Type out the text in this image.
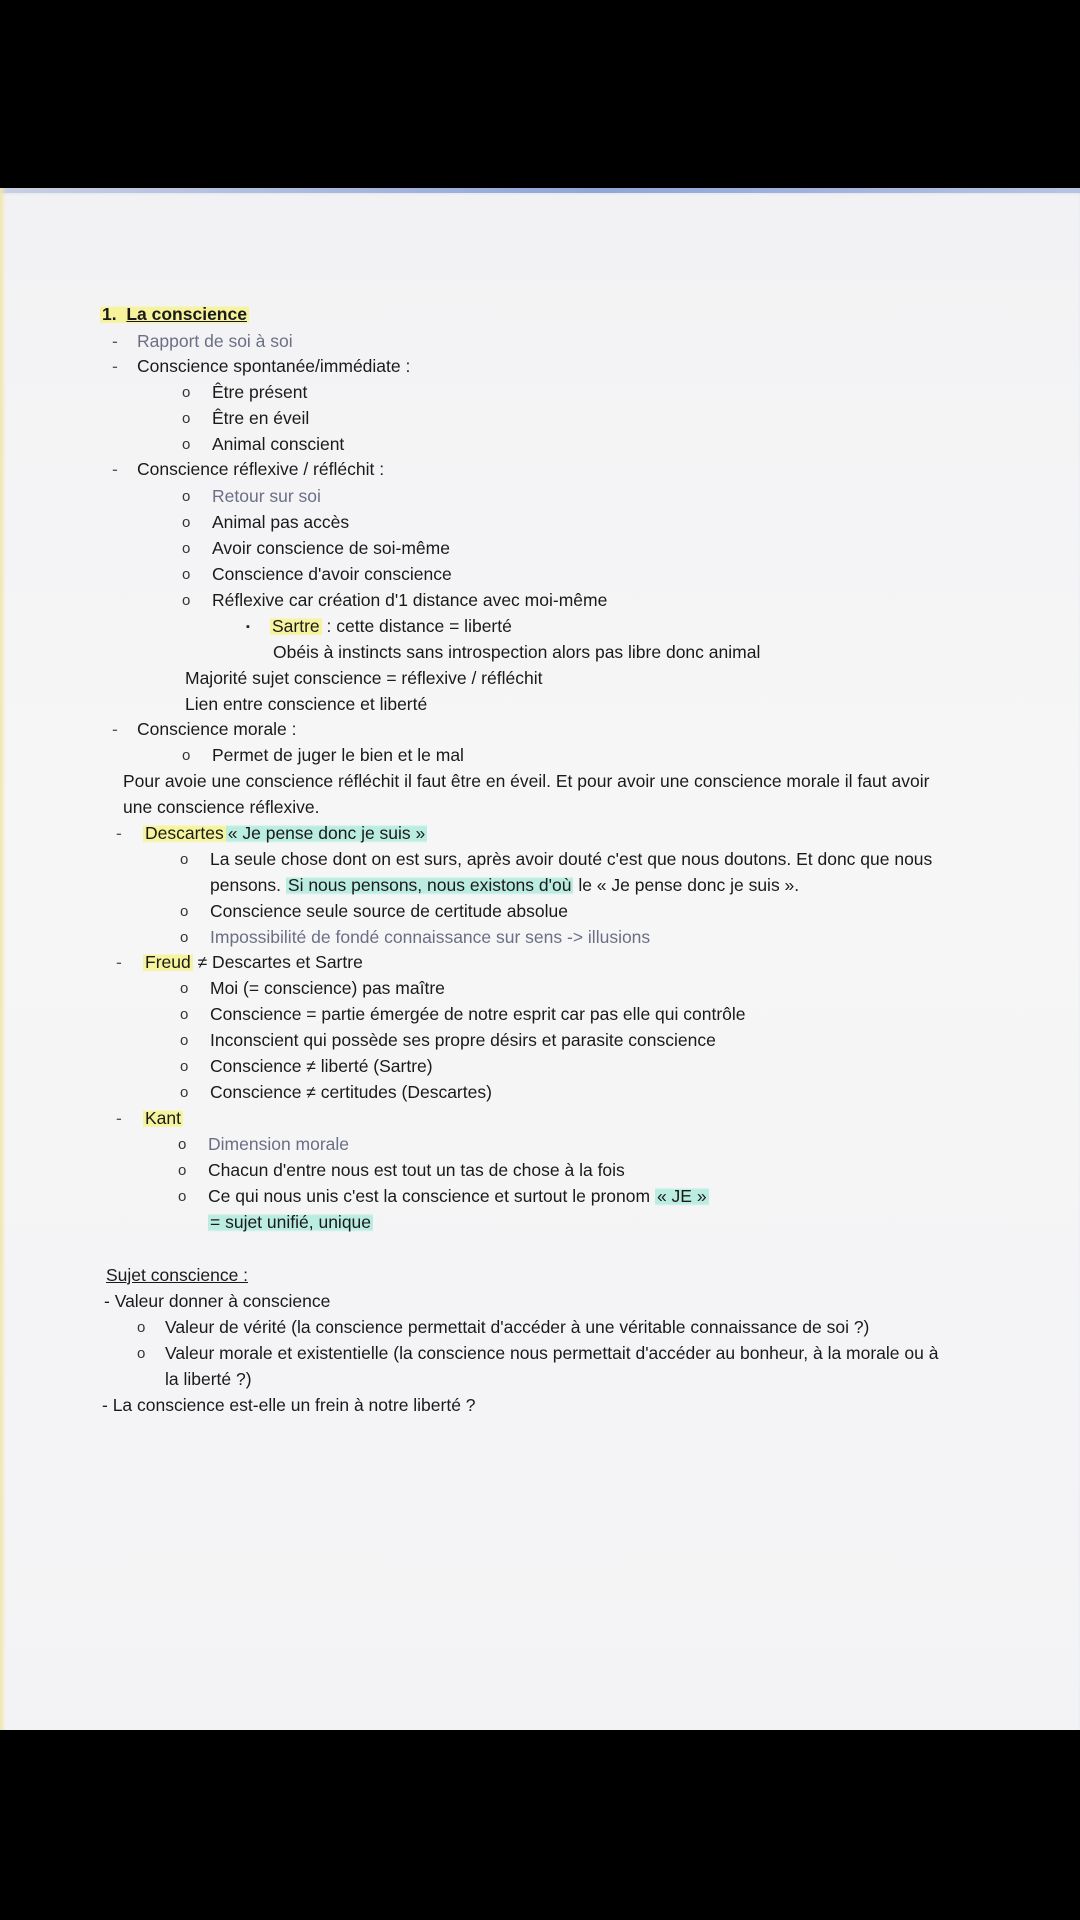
1. La conscience
- Rapport de soi à soi
- Conscience spontanée/immédiate :
o Être présent
o Être en éveil
o Animal conscient
- Conscience réflexive / réfléchit :
o Retour sur soi
o Animal pas accès
o Avoir conscience de soi-même
o Conscience d'avoir conscience
o Réflexive car création d'1 distance avec moi-même
▪ Sartre : cette distance = liberté
Obéis à instincts sans introspection alors pas libre donc animal
Majorité sujet conscience = réflexive / réfléchit
Lien entre conscience et liberté
- Conscience morale :
o Permet de juger le bien et le mal
Pour avoie une conscience réfléchit il faut être en éveil. Et pour avoir une conscience morale il faut avoir
une conscience réflexive.
- Descartes « Je pense donc je suis »
o La seule chose dont on est surs, après avoir douté c'est que nous doutons. Et donc que nous
pensons. Si nous pensons, nous existons d'où le « Je pense donc je suis ».
o Conscience seule source de certitude absolue
o Impossibilité de fondé connaissance sur sens -> illusions
- Freud ≠ Descartes et Sartre
o Moi (= conscience) pas maître
o Conscience = partie émergée de notre esprit car pas elle qui contrôle
o Inconscient qui possède ses propre désirs et parasite conscience
o Conscience ≠ liberté (Sartre)
o Conscience ≠ certitudes (Descartes)
- Kant
o Dimension morale
o Chacun d'entre nous est tout un tas de chose à la fois
o Ce qui nous unis c'est la conscience et surtout le pronom « JE »
= sujet unifié, unique
Sujet conscience :
- Valeur donner à conscience
o Valeur de vérité (la conscience permettait d'accéder à une véritable connaissance de soi ?)
o Valeur morale et existentielle (la conscience nous permettait d'accéder au bonheur, à la morale ou à
la liberté ?)
- La conscience est-elle un frein à notre liberté ?
